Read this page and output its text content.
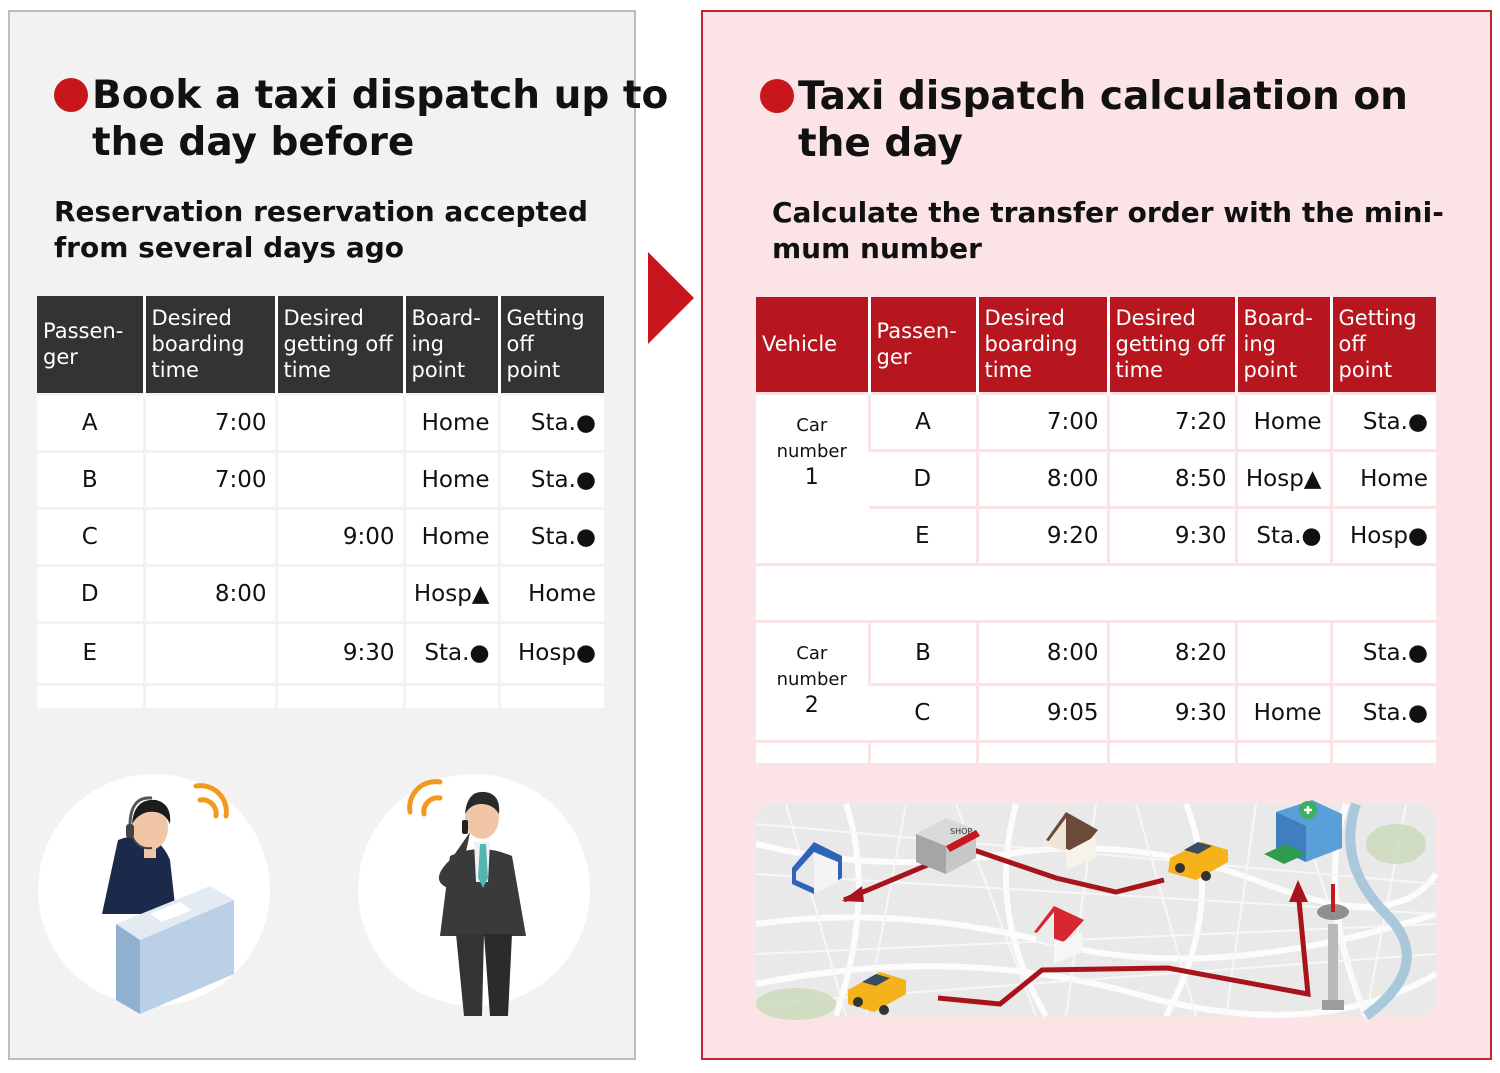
Book a taxi dispatch up to
the day before
Reservation reservation accepted
from several days ago
Passen-
ger	Desired
boarding
time	Desired
getting off
time	Board-
ing
point	Getting
off
point

A	7:00		Home	Sta.●
B	7:00		Home	Sta.●
C		9:00	Home	Sta.●
D	8:00		Hosp▲	Home
E		9:30	Sta.●	Hosp●

Taxi dispatch calculation on
the day
Calculate the transfer order with the mini-
mum number
Vehicle	Passen-
ger	Desired
boarding
time	Desired
getting off
time	Board-
ing
point	Getting
off
point

Car number
1	A	7:00	7:20	Home	Sta.●
	D	8:00	8:50	Hosp▲	Home
	E	9:20	9:30	Sta.●	Hosp●

Car number
2	B	8:00	8:20		Sta.●
	C	9:05	9:30	Home	Sta.●

SHOP
